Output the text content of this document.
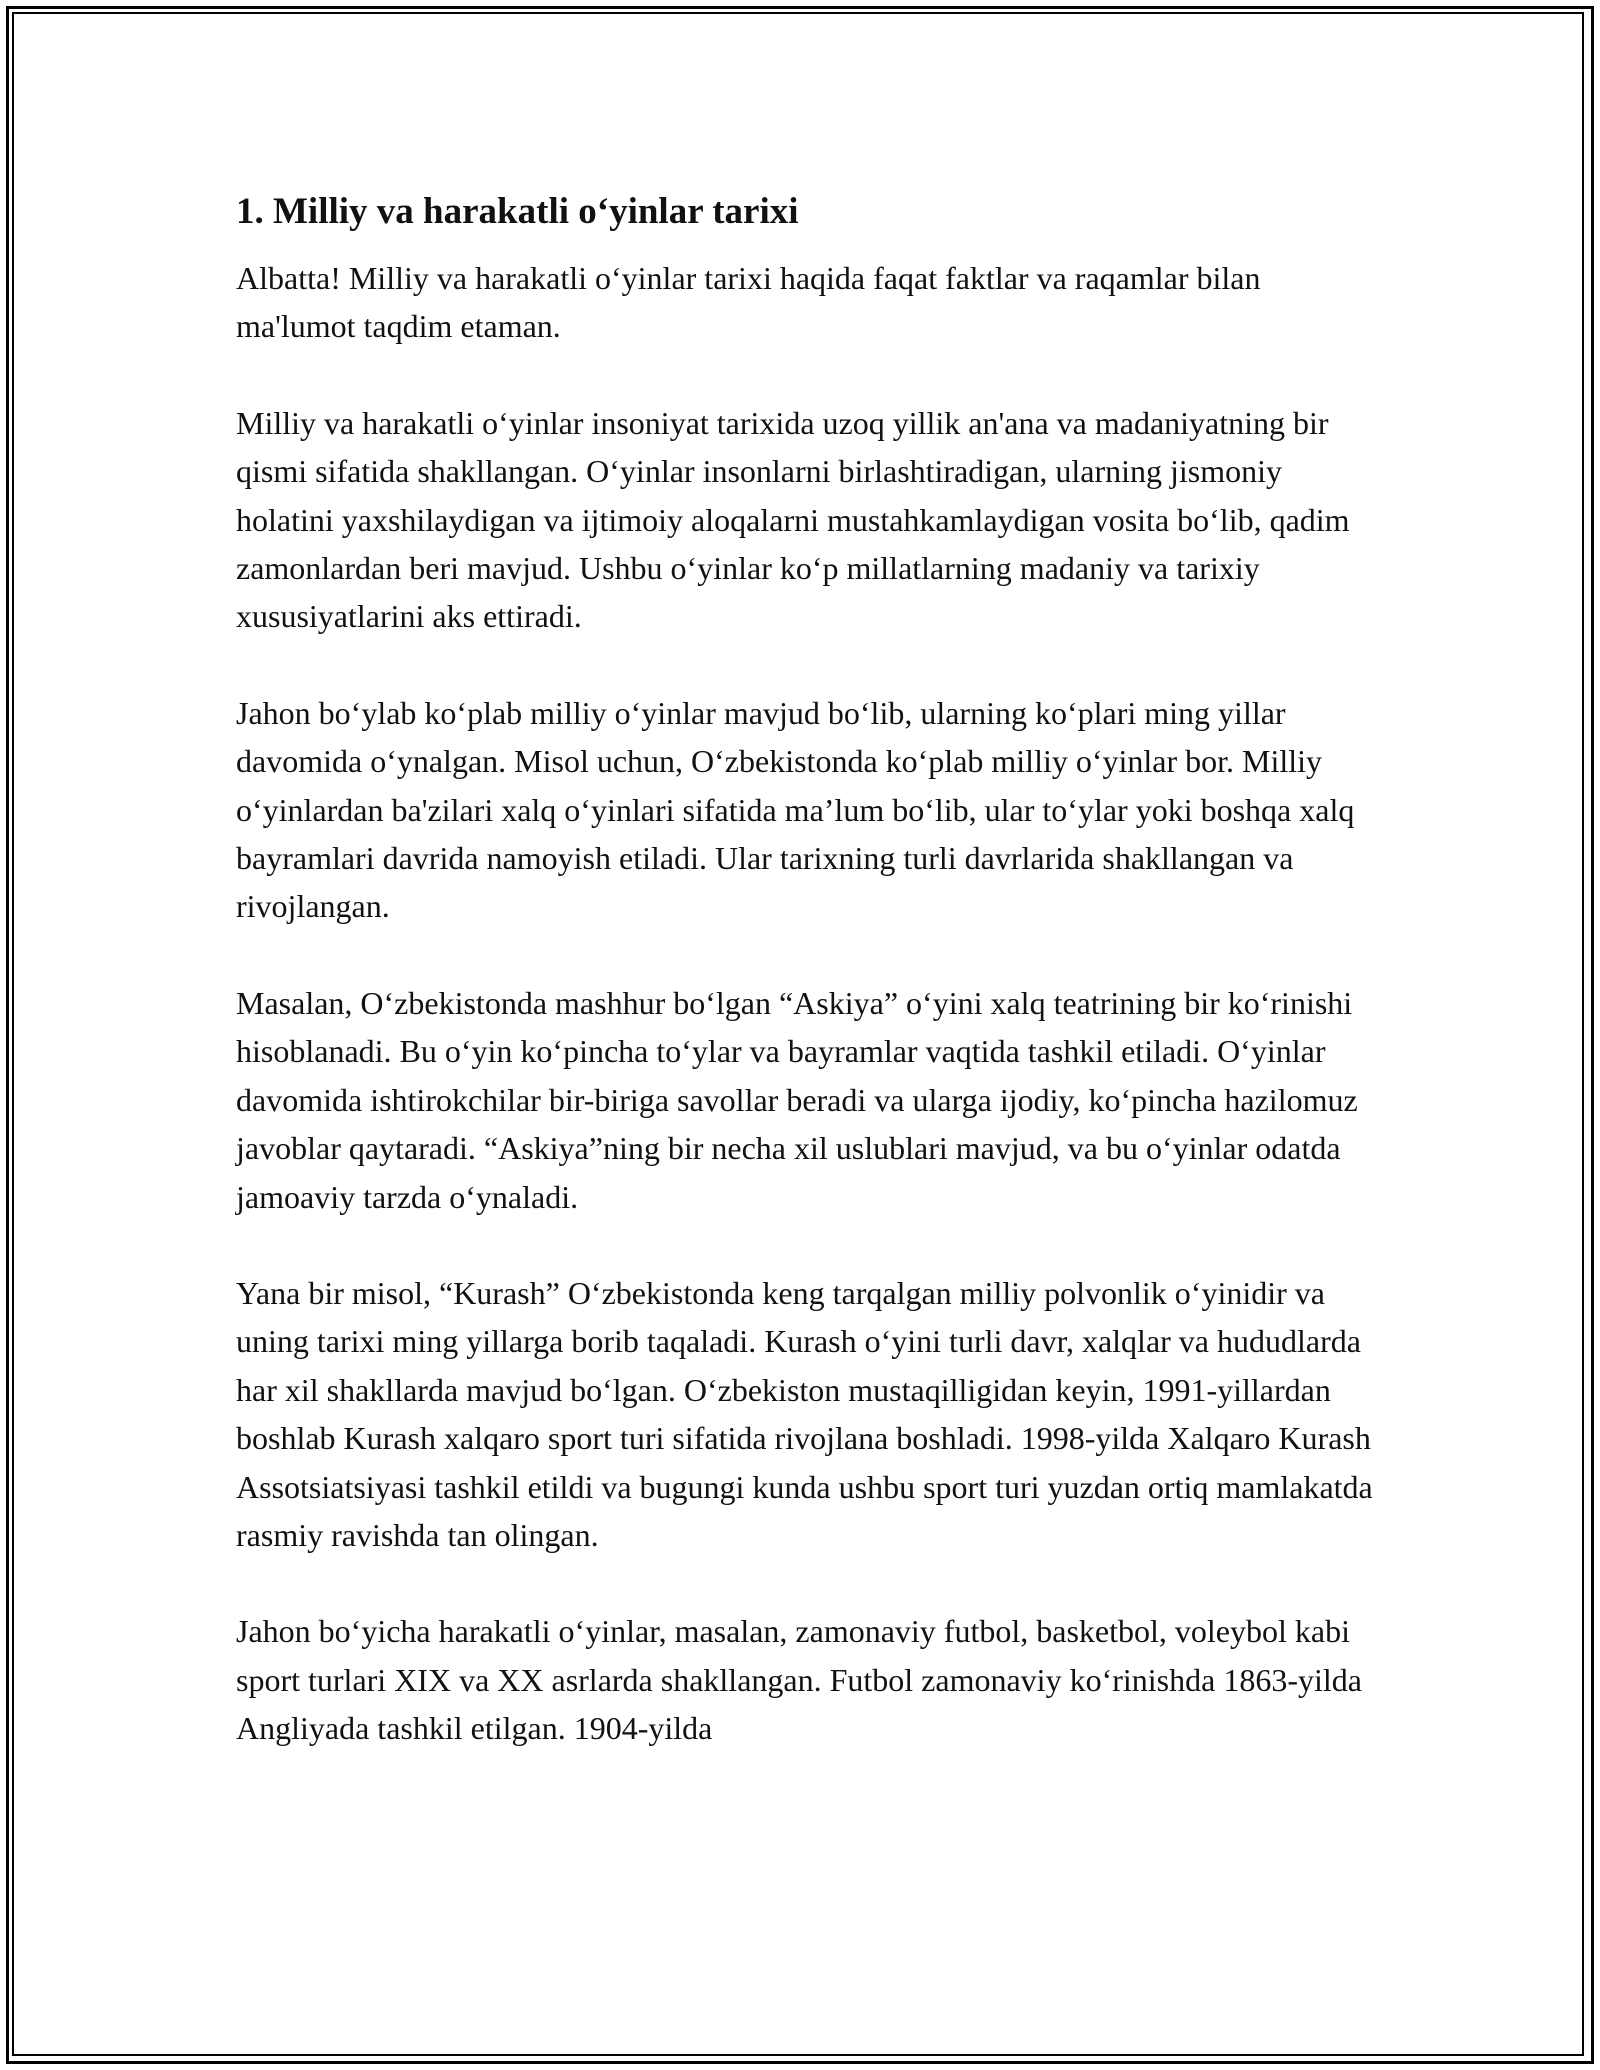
1. Milliy va harakatli o‘yinlar tarixi

Albatta! Milliy va harakatli o‘yinlar tarixi haqida faqat faktlar va raqamlar bilan ma'lumot taqdim etaman.

Milliy va harakatli o‘yinlar insoniyat tarixida uzoq yillik an'ana va madaniyatning bir qismi sifatida shakllangan. O‘yinlar insonlarni birlashtiradigan, ularning jismoniy holatini yaxshilaydigan va ijtimoiy aloqalarni mustahkamlaydigan vosita bo‘lib, qadim zamonlardan beri mavjud. Ushbu o‘yinlar ko‘p millatlarning madaniy va tarixiy xususiyatlarini aks ettiradi.

Jahon bo‘ylab ko‘plab milliy o‘yinlar mavjud bo‘lib, ularning ko‘plari ming yillar davomida o‘ynalgan. Misol uchun, O‘zbekistonda ko‘plab milliy o‘yinlar bor. Milliy o‘yinlardan ba'zilari xalq o‘yinlari sifatida ma’lum bo‘lib, ular to‘ylar yoki boshqa xalq bayramlari davrida namoyish etiladi. Ular tarixning turli davrlarida shakllangan va rivojlangan.

Masalan, O‘zbekistonda mashhur bo‘lgan “Askiya” o‘yini xalq teatrining bir ko‘rinishi hisoblanadi. Bu o‘yin ko‘pincha to‘ylar va bayramlar vaqtida tashkil etiladi. O‘yinlar davomida ishtirokchilar bir-biriga savollar beradi va ularga ijodiy, ko‘pincha hazilomuz javoblar qaytaradi. “Askiya”ning bir necha xil uslublari mavjud, va bu o‘yinlar odatda jamoaviy tarzda o‘ynaladi.

Yana bir misol, “Kurash” O‘zbekistonda keng tarqalgan milliy polvonlik o‘yinidir va uning tarixi ming yillarga borib taqaladi. Kurash o‘yini turli davr, xalqlar va hududlarda har xil shakllarda mavjud bo‘lgan. O‘zbekiston mustaqilligidan keyin, 1991-yillardan boshlab Kurash xalqaro sport turi sifatida rivojlana boshladi. 1998-yilda Xalqaro Kurash Assotsiatsiyasi tashkil etildi va bugungi kunda ushbu sport turi yuzdan ortiq mamlakatda rasmiy ravishda tan olingan.

Jahon bo‘yicha harakatli o‘yinlar, masalan, zamonaviy futbol, basketbol, voleybol kabi sport turlari XIX va XX asrlarda shakllangan. Futbol zamonaviy ko‘rinishda 1863-yilda Angliyada tashkil etilgan. 1904-yilda
